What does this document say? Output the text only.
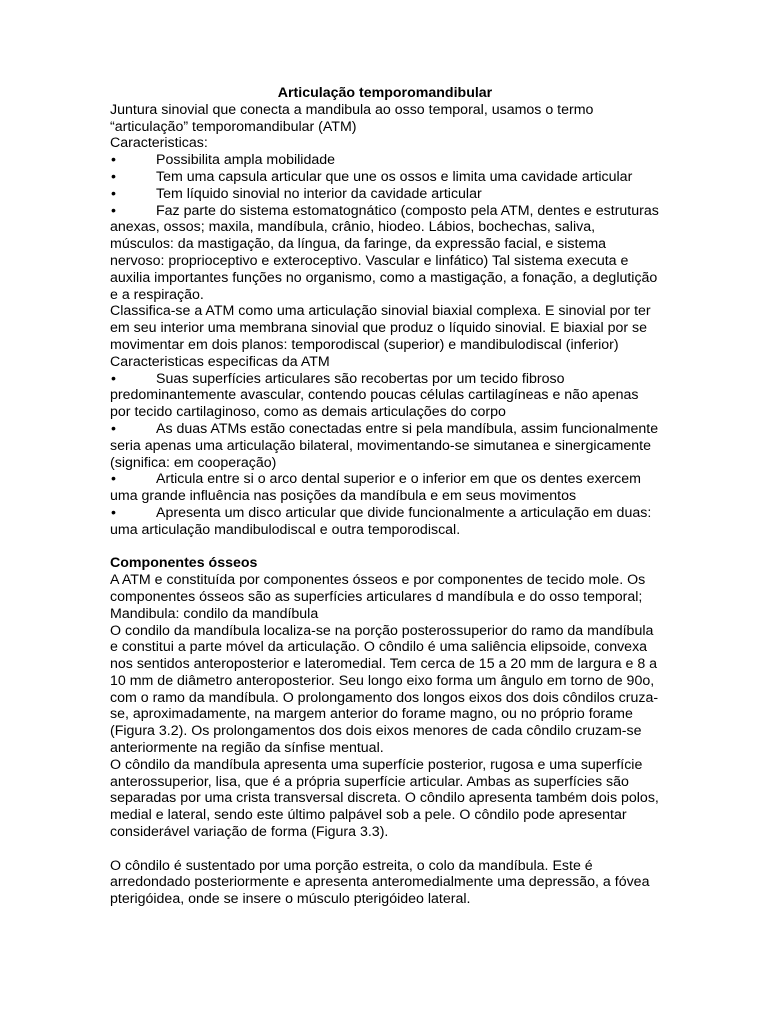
Articulação temporomandibular

Juntura sinovial que conecta a mandibula ao osso temporal, usamos o termo “articulação” temporomandibular (ATM)

Caracteristicas:

•	Possibilita ampla mobilidade
•	Tem uma capsula articular que une os ossos e limita uma cavidade articular
•	Tem líquido sinovial no interior da cavidade articular
•	Faz parte do sistema estomatognático (composto pela ATM, dentes e estruturas anexas, ossos; maxila, mandíbula, crânio, hiodeo. Lábios, bochechas, saliva, músculos: da mastigação, da língua, da faringe, da expressão facial, e sistema nervoso: proprioceptivo e exteroceptivo. Vascular e linfático) Tal sistema executa e auxilia importantes funções no organismo, como a mastigação, a fonação, a deglutição e a respiração.

Classifica-se a ATM como uma articulação sinovial biaxial complexa. E sinovial por ter em seu interior uma membrana sinovial que produz o líquido sinovial. E biaxial por se movimentar em dois planos: temporodiscal (superior) e mandibulodiscal (inferior)

Caracteristicas especificas da ATM

•	Suas superfícies articulares são recobertas por um tecido fibroso predominantemente avascular, contendo poucas células cartilagíneas e não apenas por tecido cartilaginoso, como as demais articulações do corpo
•	As duas ATMs estão conectadas entre si pela mandíbula, assim funcionalmente seria apenas uma articulação bilateral, movimentando-se simutanea e sinergicamente (significa: em cooperação)
•	Articula entre si o arco dental superior e o inferior em que os dentes exercem uma grande influência nas posições da mandíbula e em seus movimentos
•	Apresenta um disco articular que divide funcionalmente a articulação em duas: uma articulação mandibulodiscal e outra temporodiscal.

Componentes ósseos

A ATM e constituída por componentes ósseos e por componentes de tecido mole. Os componentes ósseos são as superfícies articulares d mandíbula e do osso temporal;

Mandibula: condilo da mandíbula

O condilo da mandíbula localiza-se na porção posterossuperior do ramo da mandíbula e constitui a parte móvel da articulação. O côndilo é uma saliência elipsoide, convexa nos sentidos anteroposterior e lateromedial. Tem cerca de 15 a 20 mm de largura e 8 a 10 mm de diâmetro anteroposterior. Seu longo eixo forma um ângulo em torno de 90o, com o ramo da mandíbula. O prolongamento dos longos eixos dos dois côndilos cruza-se, aproximadamente, na margem anterior do forame magno, ou no próprio forame (Figura 3.2). Os prolongamentos dos dois eixos menores de cada côndilo cruzam-se anteriormente na região da sínfise mentual.

O côndilo da mandíbula apresenta uma superfície posterior, rugosa e uma superfície anterossuperior, lisa, que é a própria superfície articular. Ambas as superfícies são separadas por uma crista transversal discreta. O côndilo apresenta também dois polos, medial e lateral, sendo este último palpável sob a pele. O côndilo pode apresentar considerável variação de forma (Figura 3.3).

O côndilo é sustentado por uma porção estreita, o colo da mandíbula. Este é arredondado posteriormente e apresenta anteromedialmente uma depressão, a fóvea pterigóidea, onde se insere o músculo pterigóideo lateral.
